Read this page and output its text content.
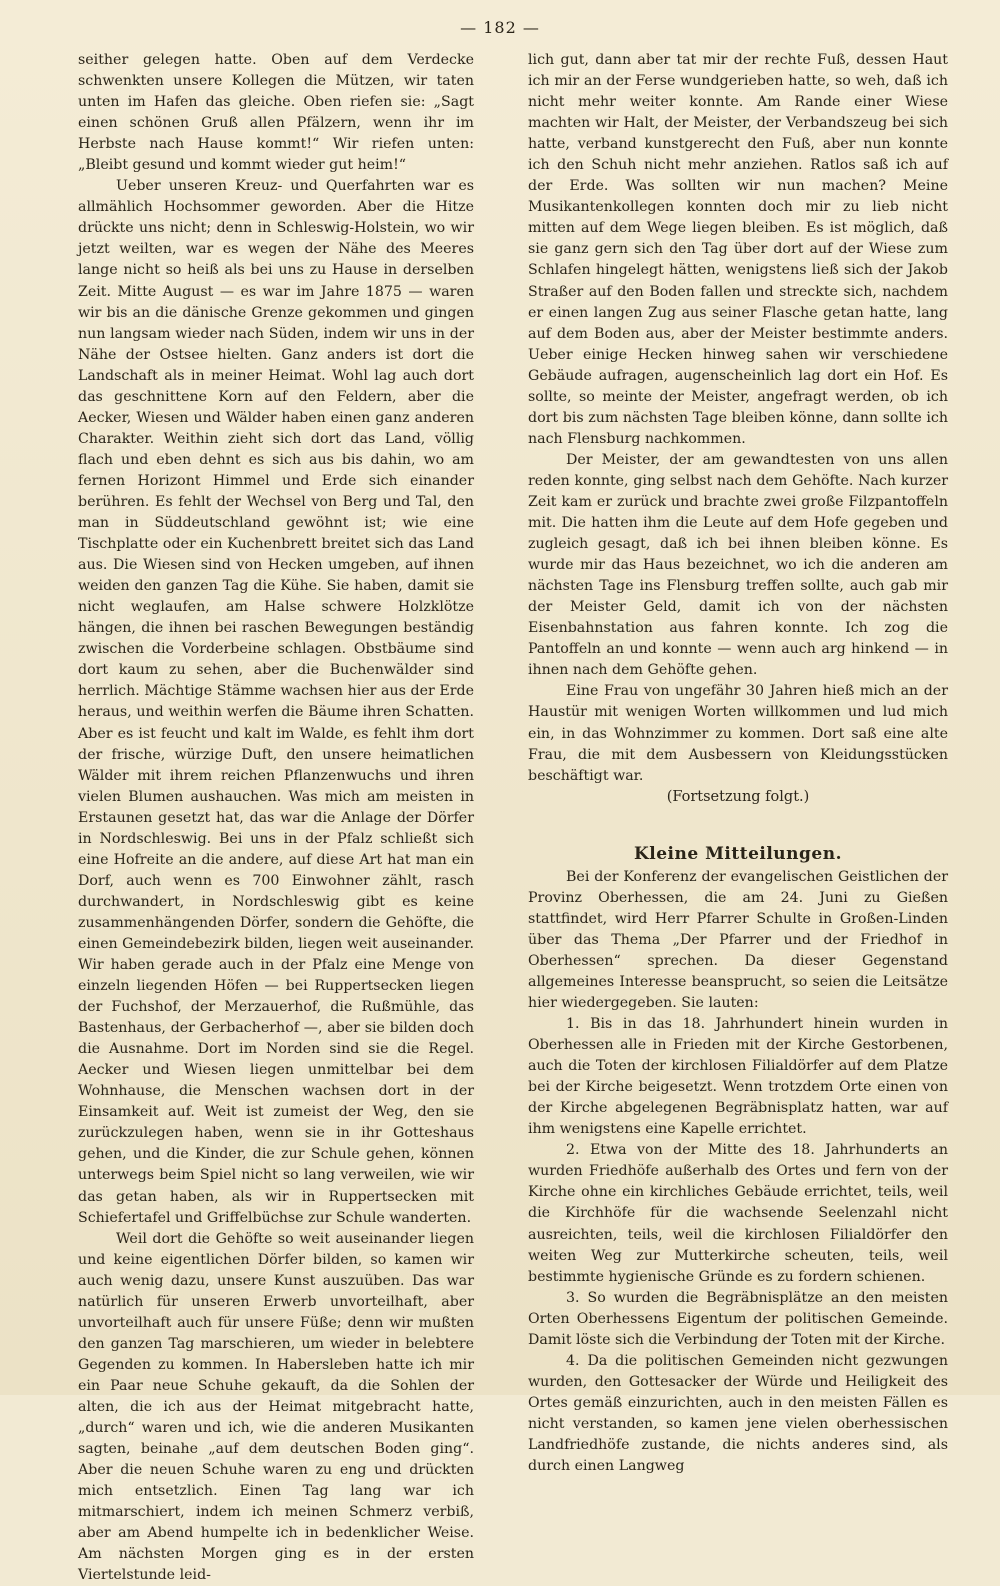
— 182 —

seither gelegen hatte. Oben auf dem Verdecke schwenkten unsere Kollegen die Mützen, wir taten unten im Hafen das gleiche. Oben riefen sie: „Sagt einen schönen Gruß allen Pfälzern, wenn ihr im Herbste nach Hause kommt!“ Wir riefen unten: „Bleibt gesund und kommt wieder gut heim!“

Ueber unseren Kreuz- und Querfahrten war es allmählich Hochsommer geworden. Aber die Hitze drückte uns nicht; denn in Schleswig-Holstein, wo wir jetzt weilten, war es wegen der Nähe des Meeres lange nicht so heiß als bei uns zu Hause in derselben Zeit. Mitte August — es war im Jahre 1875 — waren wir bis an die dänische Grenze gekommen und gingen nun langsam wieder nach Süden, indem wir uns in der Nähe der Ostsee hielten. Ganz anders ist dort die Landschaft als in meiner Heimat. Wohl lag auch dort das geschnittene Korn auf den Feldern, aber die Aecker, Wiesen und Wälder haben einen ganz anderen Charakter. Weithin zieht sich dort das Land, völlig flach und eben dehnt es sich aus bis dahin, wo am fernen Horizont Himmel und Erde sich einander berühren. Es fehlt der Wechsel von Berg und Tal, den man in Süddeutschland gewöhnt ist; wie eine Tischplatte oder ein Kuchenbrett breitet sich das Land aus. Die Wiesen sind von Hecken umgeben, auf ihnen weiden den ganzen Tag die Kühe. Sie haben, damit sie nicht weglaufen, am Halse schwere Holzklötze hängen, die ihnen bei raschen Bewegungen beständig zwischen die Vorderbeine schlagen. Obstbäume sind dort kaum zu sehen, aber die Buchenwälder sind herrlich. Mächtige Stämme wachsen hier aus der Erde heraus, und weithin werfen die Bäume ihren Schatten. Aber es ist feucht und kalt im Walde, es fehlt ihm dort der frische, würzige Duft, den unsere heimatlichen Wälder mit ihrem reichen Pflanzenwuchs und ihren vielen Blumen aushauchen. Was mich am meisten in Erstaunen gesetzt hat, das war die Anlage der Dörfer in Nordschleswig. Bei uns in der Pfalz schließt sich eine Hofreite an die andere, auf diese Art hat man ein Dorf, auch wenn es 700 Einwohner zählt, rasch durchwandert, in Nordschleswig gibt es keine zusammenhängenden Dörfer, sondern die Gehöfte, die einen Gemeindebezirk bilden, liegen weit auseinander. Wir haben gerade auch in der Pfalz eine Menge von einzeln liegenden Höfen — bei Ruppertsecken liegen der Fuchshof, der Merzauerhof, die Rußmühle, das Bastenhaus, der Gerbacherhof —, aber sie bilden doch die Ausnahme. Dort im Norden sind sie die Regel. Aecker und Wiesen liegen unmittelbar bei dem Wohnhause, die Menschen wachsen dort in der Einsamkeit auf. Weit ist zumeist der Weg, den sie zurückzulegen haben, wenn sie in ihr Gotteshaus gehen, und die Kinder, die zur Schule gehen, können unterwegs beim Spiel nicht so lang verweilen, wie wir das getan haben, als wir in Ruppertsecken mit Schiefertafel und Griffelbüchse zur Schule wanderten.

Weil dort die Gehöfte so weit auseinander liegen und keine eigentlichen Dörfer bilden, so kamen wir auch wenig dazu, unsere Kunst auszuüben. Das war natürlich für unseren Erwerb unvorteilhaft, aber unvorteilhaft auch für unsere Füße; denn wir mußten den ganzen Tag marschieren, um wieder in belebtere Gegenden zu kommen. In Habersleben hatte ich mir ein Paar neue Schuhe gekauft, da die Sohlen der alten, die ich aus der Heimat mitgebracht hatte, „durch“ waren und ich, wie die anderen Musikanten sagten, beinahe „auf dem deutschen Boden ging“. Aber die neuen Schuhe waren zu eng und drückten mich entsetzlich. Einen Tag lang war ich mitmarschiert, indem ich meinen Schmerz verbiß, aber am Abend humpelte ich in bedenklicher Weise. Am nächsten Morgen ging es in der ersten Viertelstunde leid-

lich gut, dann aber tat mir der rechte Fuß, dessen Haut ich mir an der Ferse wundgerieben hatte, so weh, daß ich nicht mehr weiter konnte. Am Rande einer Wiese machten wir Halt, der Meister, der Verbandszeug bei sich hatte, verband kunstgerecht den Fuß, aber nun konnte ich den Schuh nicht mehr anziehen. Ratlos saß ich auf der Erde. Was sollten wir nun machen? Meine Musikantenkollegen konnten doch mir zu lieb nicht mitten auf dem Wege liegen bleiben. Es ist möglich, daß sie ganz gern sich den Tag über dort auf der Wiese zum Schlafen hingelegt hätten, wenigstens ließ sich der Jakob Straßer auf den Boden fallen und streckte sich, nachdem er einen langen Zug aus seiner Flasche getan hatte, lang auf dem Boden aus, aber der Meister bestimmte anders. Ueber einige Hecken hinweg sahen wir verschiedene Gebäude aufragen, augenscheinlich lag dort ein Hof. Es sollte, so meinte der Meister, angefragt werden, ob ich dort bis zum nächsten Tage bleiben könne, dann sollte ich nach Flensburg nachkommen.

Der Meister, der am gewandtesten von uns allen reden konnte, ging selbst nach dem Gehöfte. Nach kurzer Zeit kam er zurück und brachte zwei große Filzpantoffeln mit. Die hatten ihm die Leute auf dem Hofe gegeben und zugleich gesagt, daß ich bei ihnen bleiben könne. Es wurde mir das Haus bezeichnet, wo ich die anderen am nächsten Tage ins Flensburg treffen sollte, auch gab mir der Meister Geld, damit ich von der nächsten Eisenbahnstation aus fahren konnte. Ich zog die Pantoffeln an und konnte — wenn auch arg hinkend — in ihnen nach dem Gehöfte gehen.

Eine Frau von ungefähr 30 Jahren hieß mich an der Haustür mit wenigen Worten willkommen und lud mich ein, in das Wohnzimmer zu kommen. Dort saß eine alte Frau, die mit dem Ausbessern von Kleidungsstücken beschäftigt war.

(Fortsetzung folgt.)

Kleine Mitteilungen.

Bei der Konferenz der evangelischen Geistlichen der Provinz Oberhessen, die am 24. Juni zu Gießen stattfindet, wird Herr Pfarrer Schulte in Großen-Linden über das Thema „Der Pfarrer und der Friedhof in Oberhessen“ sprechen. Da dieser Gegenstand allgemeines Interesse beansprucht, so seien die Leitsätze hier wiedergegeben. Sie lauten:

1. Bis in das 18. Jahrhundert hinein wurden in Oberhessen alle in Frieden mit der Kirche Gestorbenen, auch die Toten der kirchlosen Filialdörfer auf dem Platze bei der Kirche beigesetzt. Wenn trotzdem Orte einen von der Kirche abgelegenen Begräbnisplatz hatten, war auf ihm wenigstens eine Kapelle errichtet.

2. Etwa von der Mitte des 18. Jahrhunderts an wurden Friedhöfe außerhalb des Ortes und fern von der Kirche ohne ein kirchliches Gebäude errichtet, teils, weil die Kirchhöfe für die wachsende Seelenzahl nicht ausreichten, teils, weil die kirchlosen Filialdörfer den weiten Weg zur Mutterkirche scheuten, teils, weil bestimmte hygienische Gründe es zu fordern schienen.

3. So wurden die Begräbnisplätze an den meisten Orten Oberhessens Eigentum der politischen Gemeinde. Damit löste sich die Verbindung der Toten mit der Kirche.

4. Da die politischen Gemeinden nicht gezwungen wurden, den Gottesacker der Würde und Heiligkeit des Ortes gemäß einzurichten, auch in den meisten Fällen es nicht verstanden, so kamen jene vielen oberhessischen Landfriedhöfe zustande, die nichts anderes sind, als durch einen Langweg
